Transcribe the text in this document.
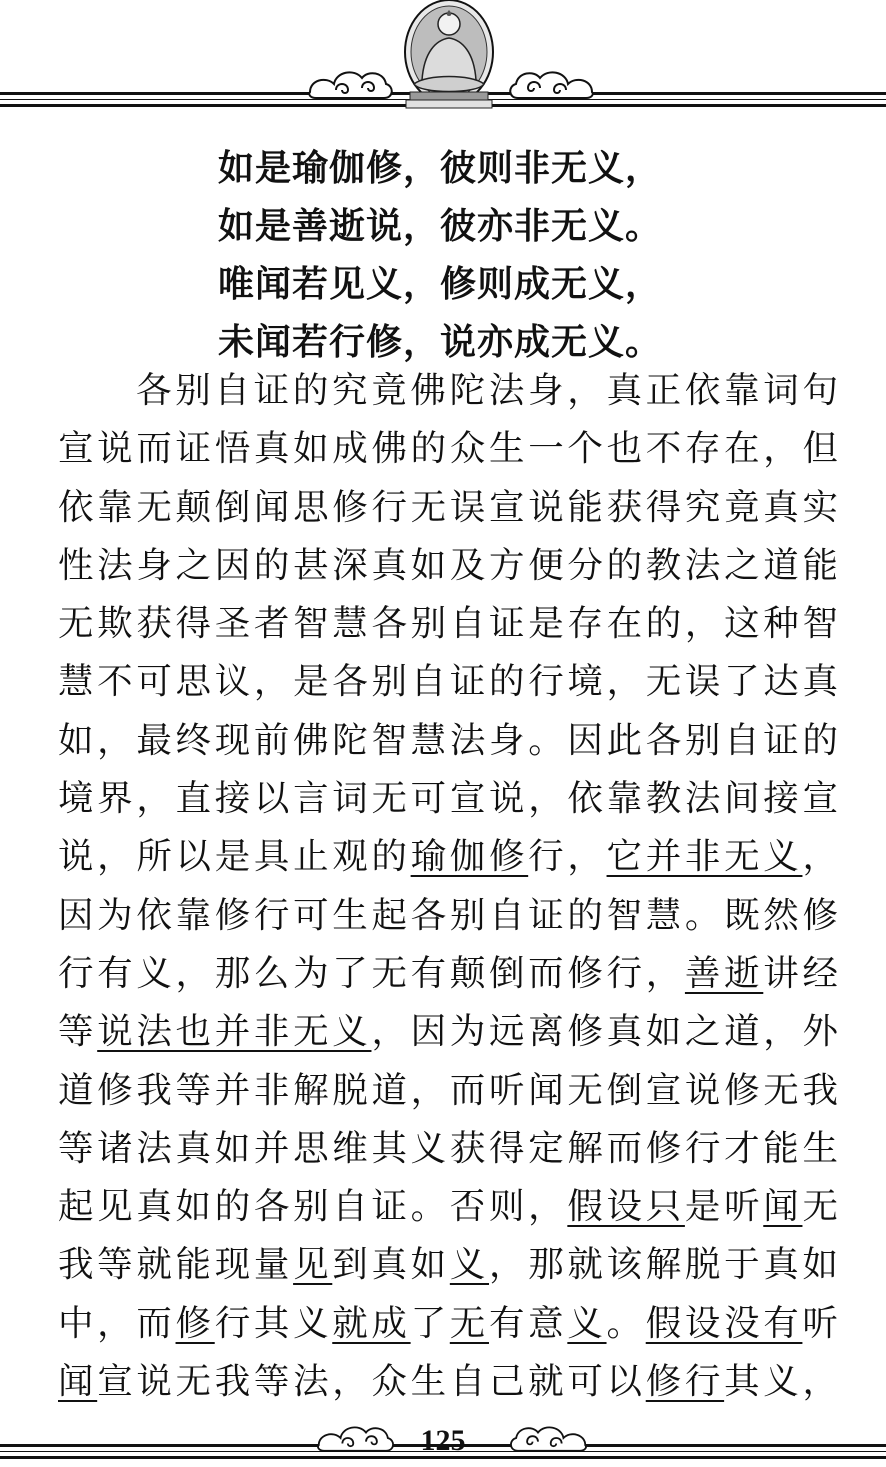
如是瑜伽修，彼则非无义，
如是善逝说，彼亦非无义。
唯闻若见义，修则成无义，
未闻若行修，说亦成无义。
各别自证的究竟佛陀法身，真正依靠词句
宣说而证悟真如成佛的众生一个也不存在，但
依靠无颠倒闻思修行无误宣说能获得究竟真实
性法身之因的甚深真如及方便分的教法之道能
无欺获得圣者智慧各别自证是存在的，这种智
慧不可思议，是各别自证的行境，无误了达真
如，最终现前佛陀智慧法身。因此各别自证的
境界，直接以言词无可宣说，依靠教法间接宣
说，所以是具止观的瑜伽修行，它并非无义，
因为依靠修行可生起各别自证的智慧。既然修
行有义，那么为了无有颠倒而修行，善逝讲经
等说法也并非无义，因为远离修真如之道，外
道修我等并非解脱道，而听闻无倒宣说修无我
等诸法真如并思维其义获得定解而修行才能生
起见真如的各别自证。否则，假设只是听闻无
我等就能现量见到真如义，那就该解脱于真如
中，而修行其义就成了无有意义。假设没有听
闻宣说无我等法，众生自己就可以修行其义，
125
